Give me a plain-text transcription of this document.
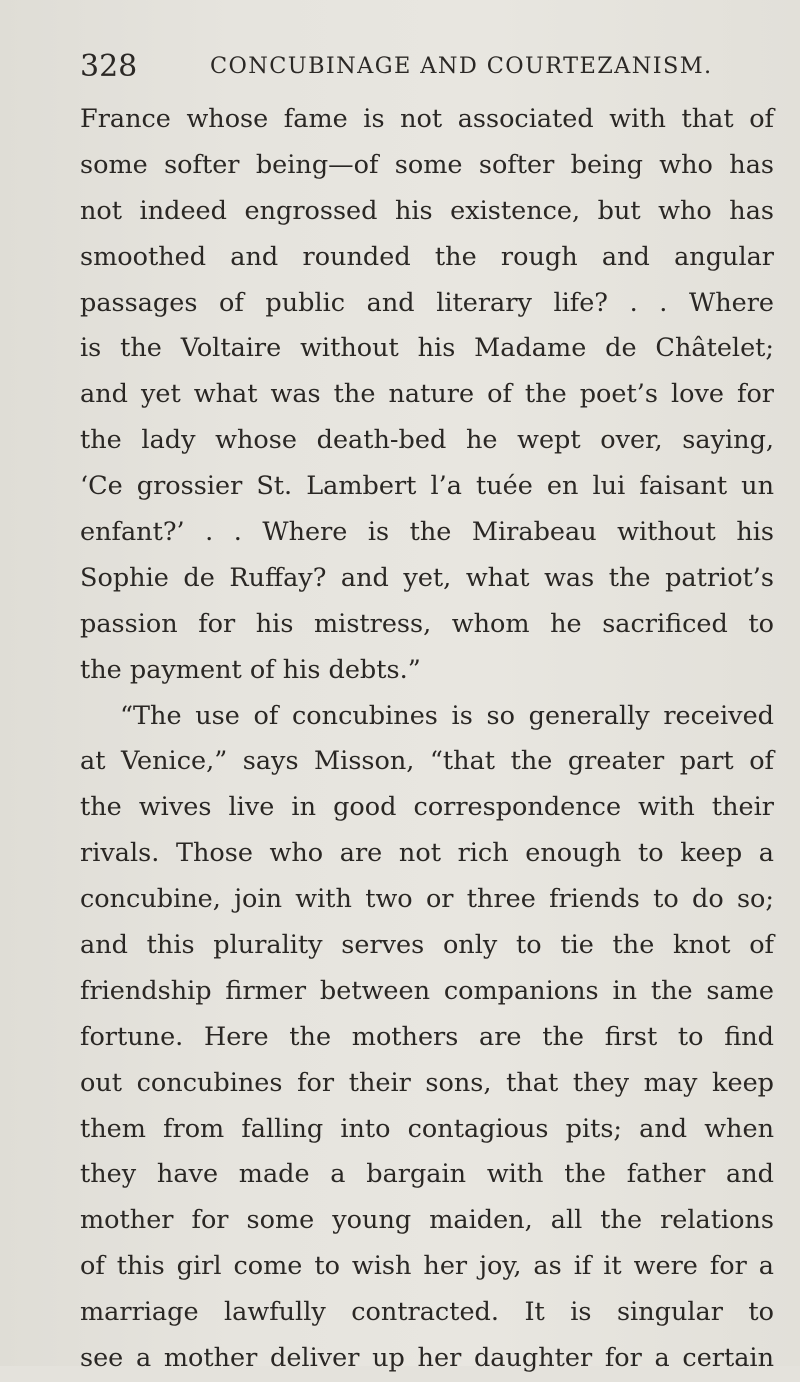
328	CONCUBINAGE AND COURTEZANISM.
France whose fame is not associated with that of
some softer being—of some softer being who has
not indeed engrossed his existence, but who has
smoothed and rounded the rough and angular
passages of public and literary life? . . Where
is the Voltaire without his Madame de Châtelet;
and yet what was the nature of the poet’s love for
the lady whose death-bed he wept over, saying,
‘Ce grossier St. Lambert l’a tuée en lui faisant un
enfant?’ . . Where is the Mirabeau without his
Sophie de Ruffay? and yet, what was the patriot’s
passion for his mistress, whom he sacrificed to
the payment of his debts.”
“The use of concubines is so generally received
at Venice,” says Misson, “that the greater part of
the wives live in good correspondence with their
rivals. Those who are not rich enough to keep a
concubine, join with two or three friends to do so;
and this plurality serves only to tie the knot of
friendship firmer between companions in the same
fortune. Here the mothers are the first to find
out concubines for their sons, that they may keep
them from falling into contagious pits; and when
they have made a bargain with the father and
mother for some young maiden, all the relations
of this girl come to wish her joy, as if it were for a
marriage lawfully contracted. It is singular to
see a mother deliver up her daughter for a certain
